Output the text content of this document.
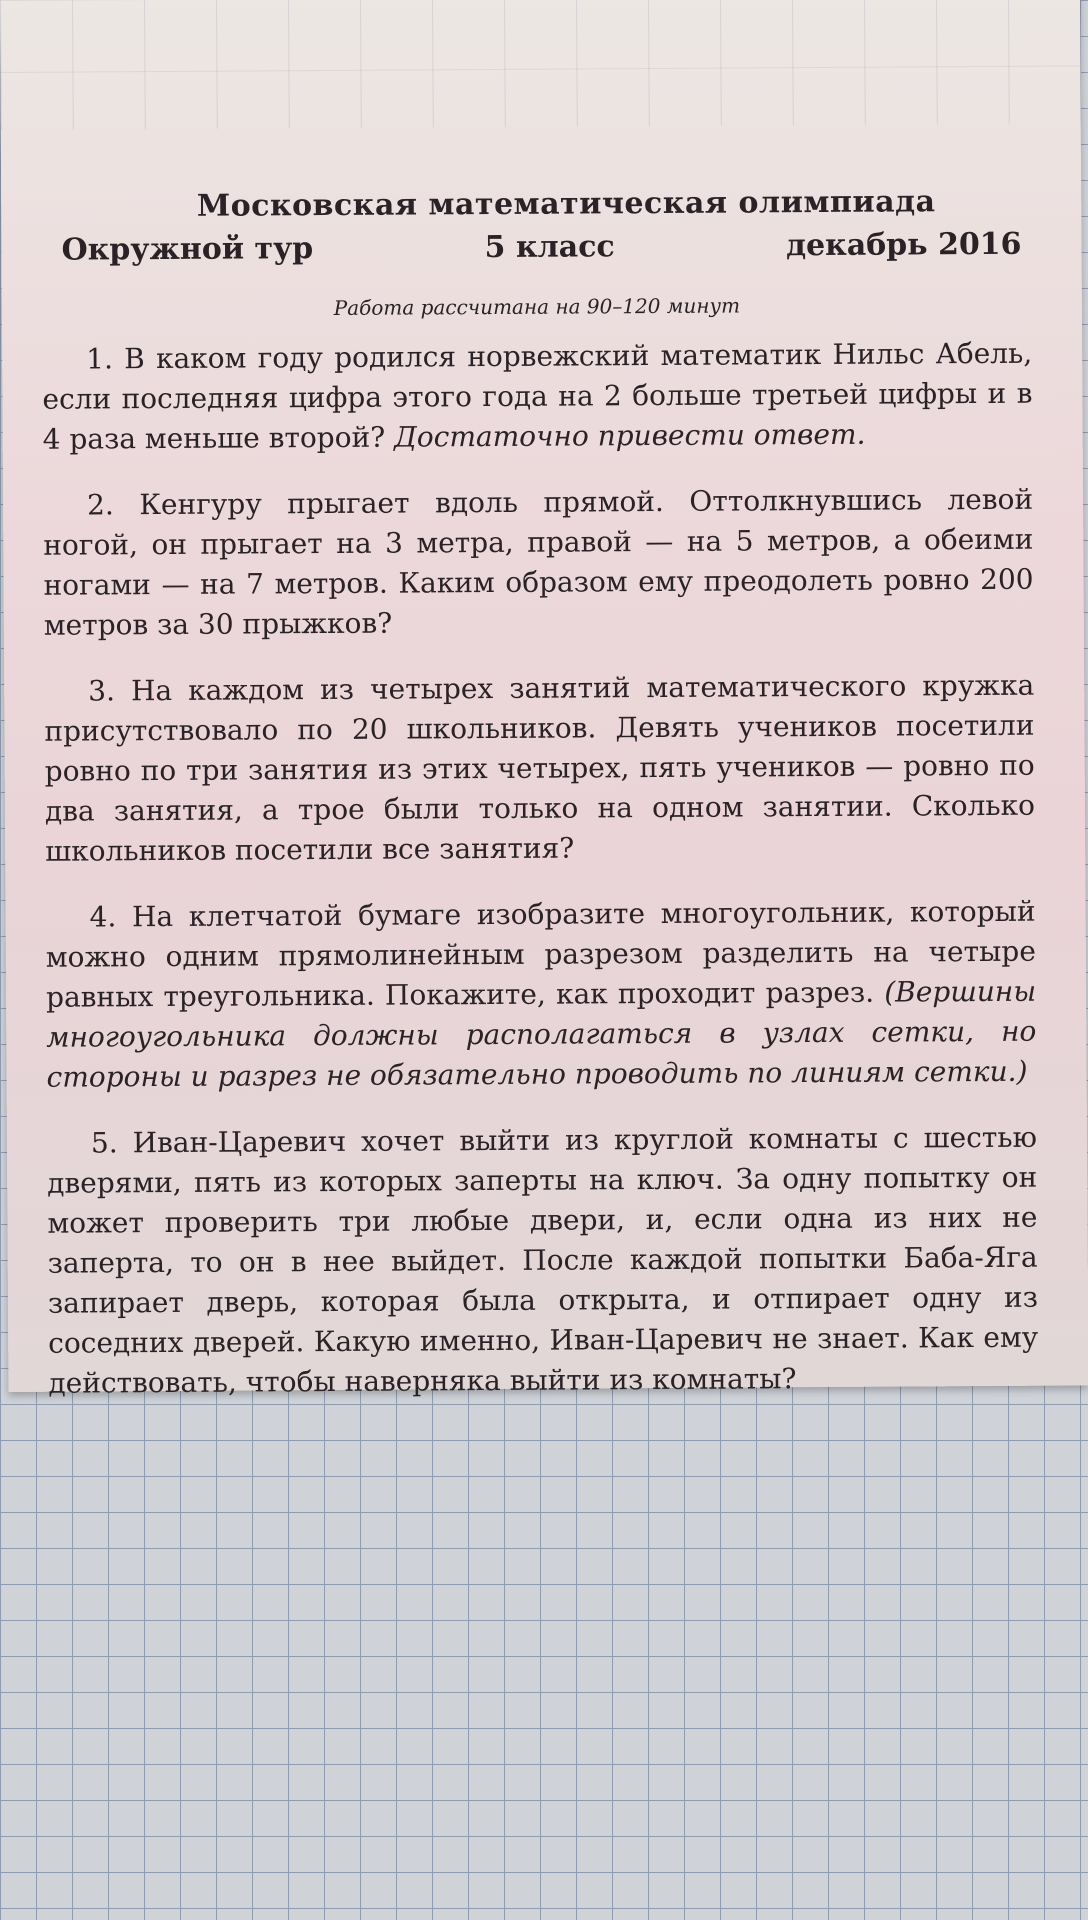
Московская математическая олимпиада
Окружной тур	5 класс	декабрь 2016
Работа рассчитана на 90–120 минут

1. В каком году родился норвежский математик Нильс Абель, если последняя цифра этого года на 2 больше третьей цифры и в 4 раза меньше второй? Достаточно привести ответ.

2. Кенгуру прыгает вдоль прямой. Оттолкнувшись левой ногой, он прыгает на 3 метра, правой — на 5 метров, а обеими ногами — на 7 метров. Каким образом ему преодолеть ровно 200 метров за 30 прыжков?

3. На каждом из четырех занятий математического кружка присутствовало по 20 школьников. Девять учеников посетили ровно по три занятия из этих четырех, пять учеников — ровно по два занятия, а трое были только на одном занятии. Сколько школьников посетили все занятия?

4. На клетчатой бумаге изобразите многоугольник, который можно одним прямолинейным разрезом разделить на четыре равных треугольника. Покажите, как проходит разрез. (Вершины многоугольника должны располагаться в узлах сетки, но стороны и разрез не обязательно проводить по линиям сетки.)

5. Иван-Царевич хочет выйти из круглой комнаты с шестью дверями, пять из которых заперты на ключ. За одну попытку он может проверить три любые двери, и, если одна из них не заперта, то он в нее выйдет. После каждой попытки Баба-Яга запирает дверь, которая была открыта, и отпирает одну из соседних дверей. Какую именно, Иван-Царевич не знает. Как ему действовать, чтобы наверняка выйти из комнаты?
